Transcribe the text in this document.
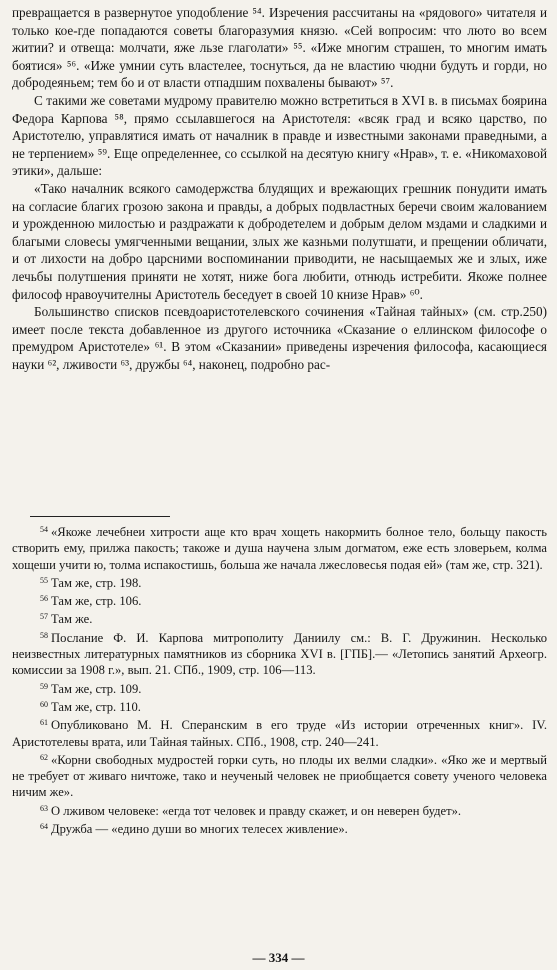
превращается в развернутое уподобление ⁵⁴. Изречения рассчитаны на «рядового» читателя и только кое-где попадаются советы благоразумия князю. «Сей вопросим: что лютo во всем житии? и отвеща: молчати, яже льзе глаголати» ⁵⁵. «Иже многим страшен, то многим имать боятися» ⁵⁶. «Иже умнии суть властелее, тоснуться, да не властию чюдни будуть и горди, но добродеяньем; тем бо и от власти отпадшим похвалены бывают» ⁵⁷.

С такими же советами мудрому правителю можно встретиться в XVI в. в письмах боярина Федора Карпова ⁵⁸, прямо ссылавшегося на Аристотеля: «всяк град и всяко царство, по Аристотелю, управлятися имать от началник в правде и известными законами праведными, а не терпением» ⁵⁹. Еще определеннее, со ссылкой на десятую книгу «Нрав», т. е. «Никомаховой этики», дальше:

«Тако началник всякого самодержства блудящих и врежающих грешник понудити имать на согласие благих грозою закона и правды, а добрых подвластных беречи своим жалованием и урожденною милостью и раздражати к добродетелем и добрым делом мздами и сладкими и благыми словесы умягченными вещании, злых же казньми полутшати, и прещении обличати, и от лихости на добро царсними воспоминании приводити, не насыщаемых же и злых, иже лечьбы полутшения приняти не хотят, ниже бога любити, отнюдь истребити. Якоже полнее философ нравоучителны Аристотель беседует в своей 10 книзе Нрав» ⁶⁰.

Большинство списков псевдоаристотелевского сочинения «Тайная тайных» (см. стр.250) имеет после текста добавленное из другого источника «Сказание о еллинском философе о премудром Аристотеле» ⁶¹. В этом «Сказании» приведены изречения философа, касающиеся науки ⁶², лживости ⁶³, дружбы ⁶⁴, наконец, подробно рас-

$^{54}$ «Якоже лечебнеи хитрости аще кто врач хощеть накормить болное тело, больщу пакость створить ему, прилжа пакость; такоже и душа научена злым догматом, еже есть зловерьем, колма хощеши учити ю, толма испакостишь, больша же начала лжесловесья подая ей» (там же, стр. 321).

$^{55}$ Там же, стр. 198.

$^{56}$ Там же, стр. 106.

$^{57}$ Там же.

$^{58}$ Послание Ф. И. Карпова митрополиту Даниилу см.: В. Г. Дружинин. Несколько неизвестных литературных памятников из сборника XVI в. [ГПБ].— «Летопись занятий Археогр. комиссии за 1908 г.», вып. 21. СПб., 1909, стр. 106—113.

$^{59}$ Там же, стр. 109.

$^{60}$ Там же, стр. 110.

$^{61}$ Опубликовано М. Н. Сперанским в его труде «Из истории отреченных книг». IV. Аристотелевы врата, или Тайная тайных. СПб., 1908, стр. 240—241.

$^{62}$ «Корни свободных мудростей горки суть, но плоды их велми сладки». «Яко же и мертвый не требует от живаго ничтоже, тако и неученый человек не приобщается совету ученого человека ничим же».

$^{63}$ О лживом человеке: «егда тот человек и правду скажет, и он неверен будет».

$^{64}$ Дружба — «едино души во многих телесех живление».

— 334 —
